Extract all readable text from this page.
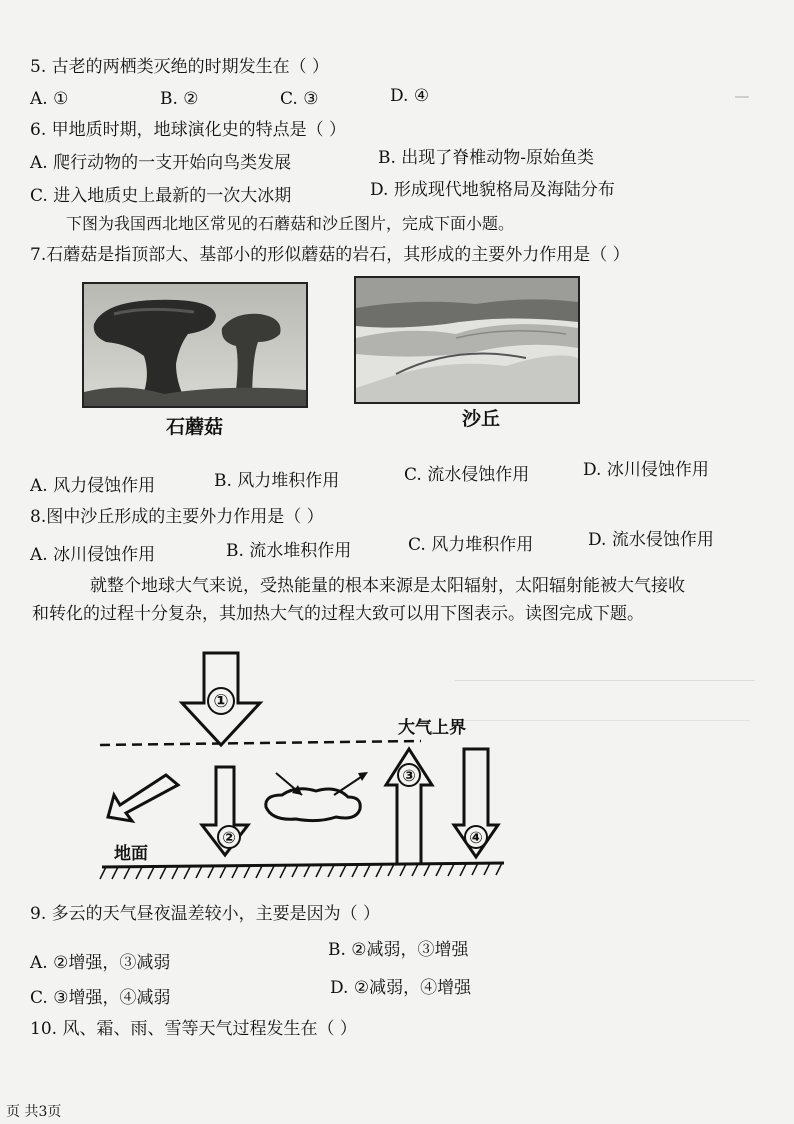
5. 古老的两栖类灭绝的时期发生在（ ）
A. ①	B. ②	C. ③	D. ④
6. 甲地质时期，地球演化史的特点是（ ）
A. 爬行动物的一支开始向鸟类发展	B. 出现了脊椎动物-原始鱼类
C. 进入地质史上最新的一次大冰期	D. 形成现代地貌格局及海陆分布
下图为我国西北地区常见的石蘑菇和沙丘图片，完成下面小题。
7.石蘑菇是指顶部大、基部小的形似蘑菇的岩石，其形成的主要外力作用是（ ）
石蘑菇	沙丘
A. 风力侵蚀作用	B. 风力堆积作用	C. 流水侵蚀作用	D. 冰川侵蚀作用
8.图中沙丘形成的主要外力作用是（ ）
A. 冰川侵蚀作用	B. 流水堆积作用	C. 风力堆积作用	D. 流水侵蚀作用
就整个地球大气来说，受热能量的根本来源是太阳辐射，太阳辐射能被大气接收
和转化的过程十分复杂，其加热大气的过程大致可以用下图表示。读图完成下题。
①
②
③
④
大气上界
地面
9. 多云的天气昼夜温差较小，主要是因为（ ）
A. ②增强，③减弱
B. ②减弱，③增强
C. ③增强，④减弱	D. ②减弱，④增强
10. 风、霜、雨、雪等天气过程发生在（ ）
页 共3页
